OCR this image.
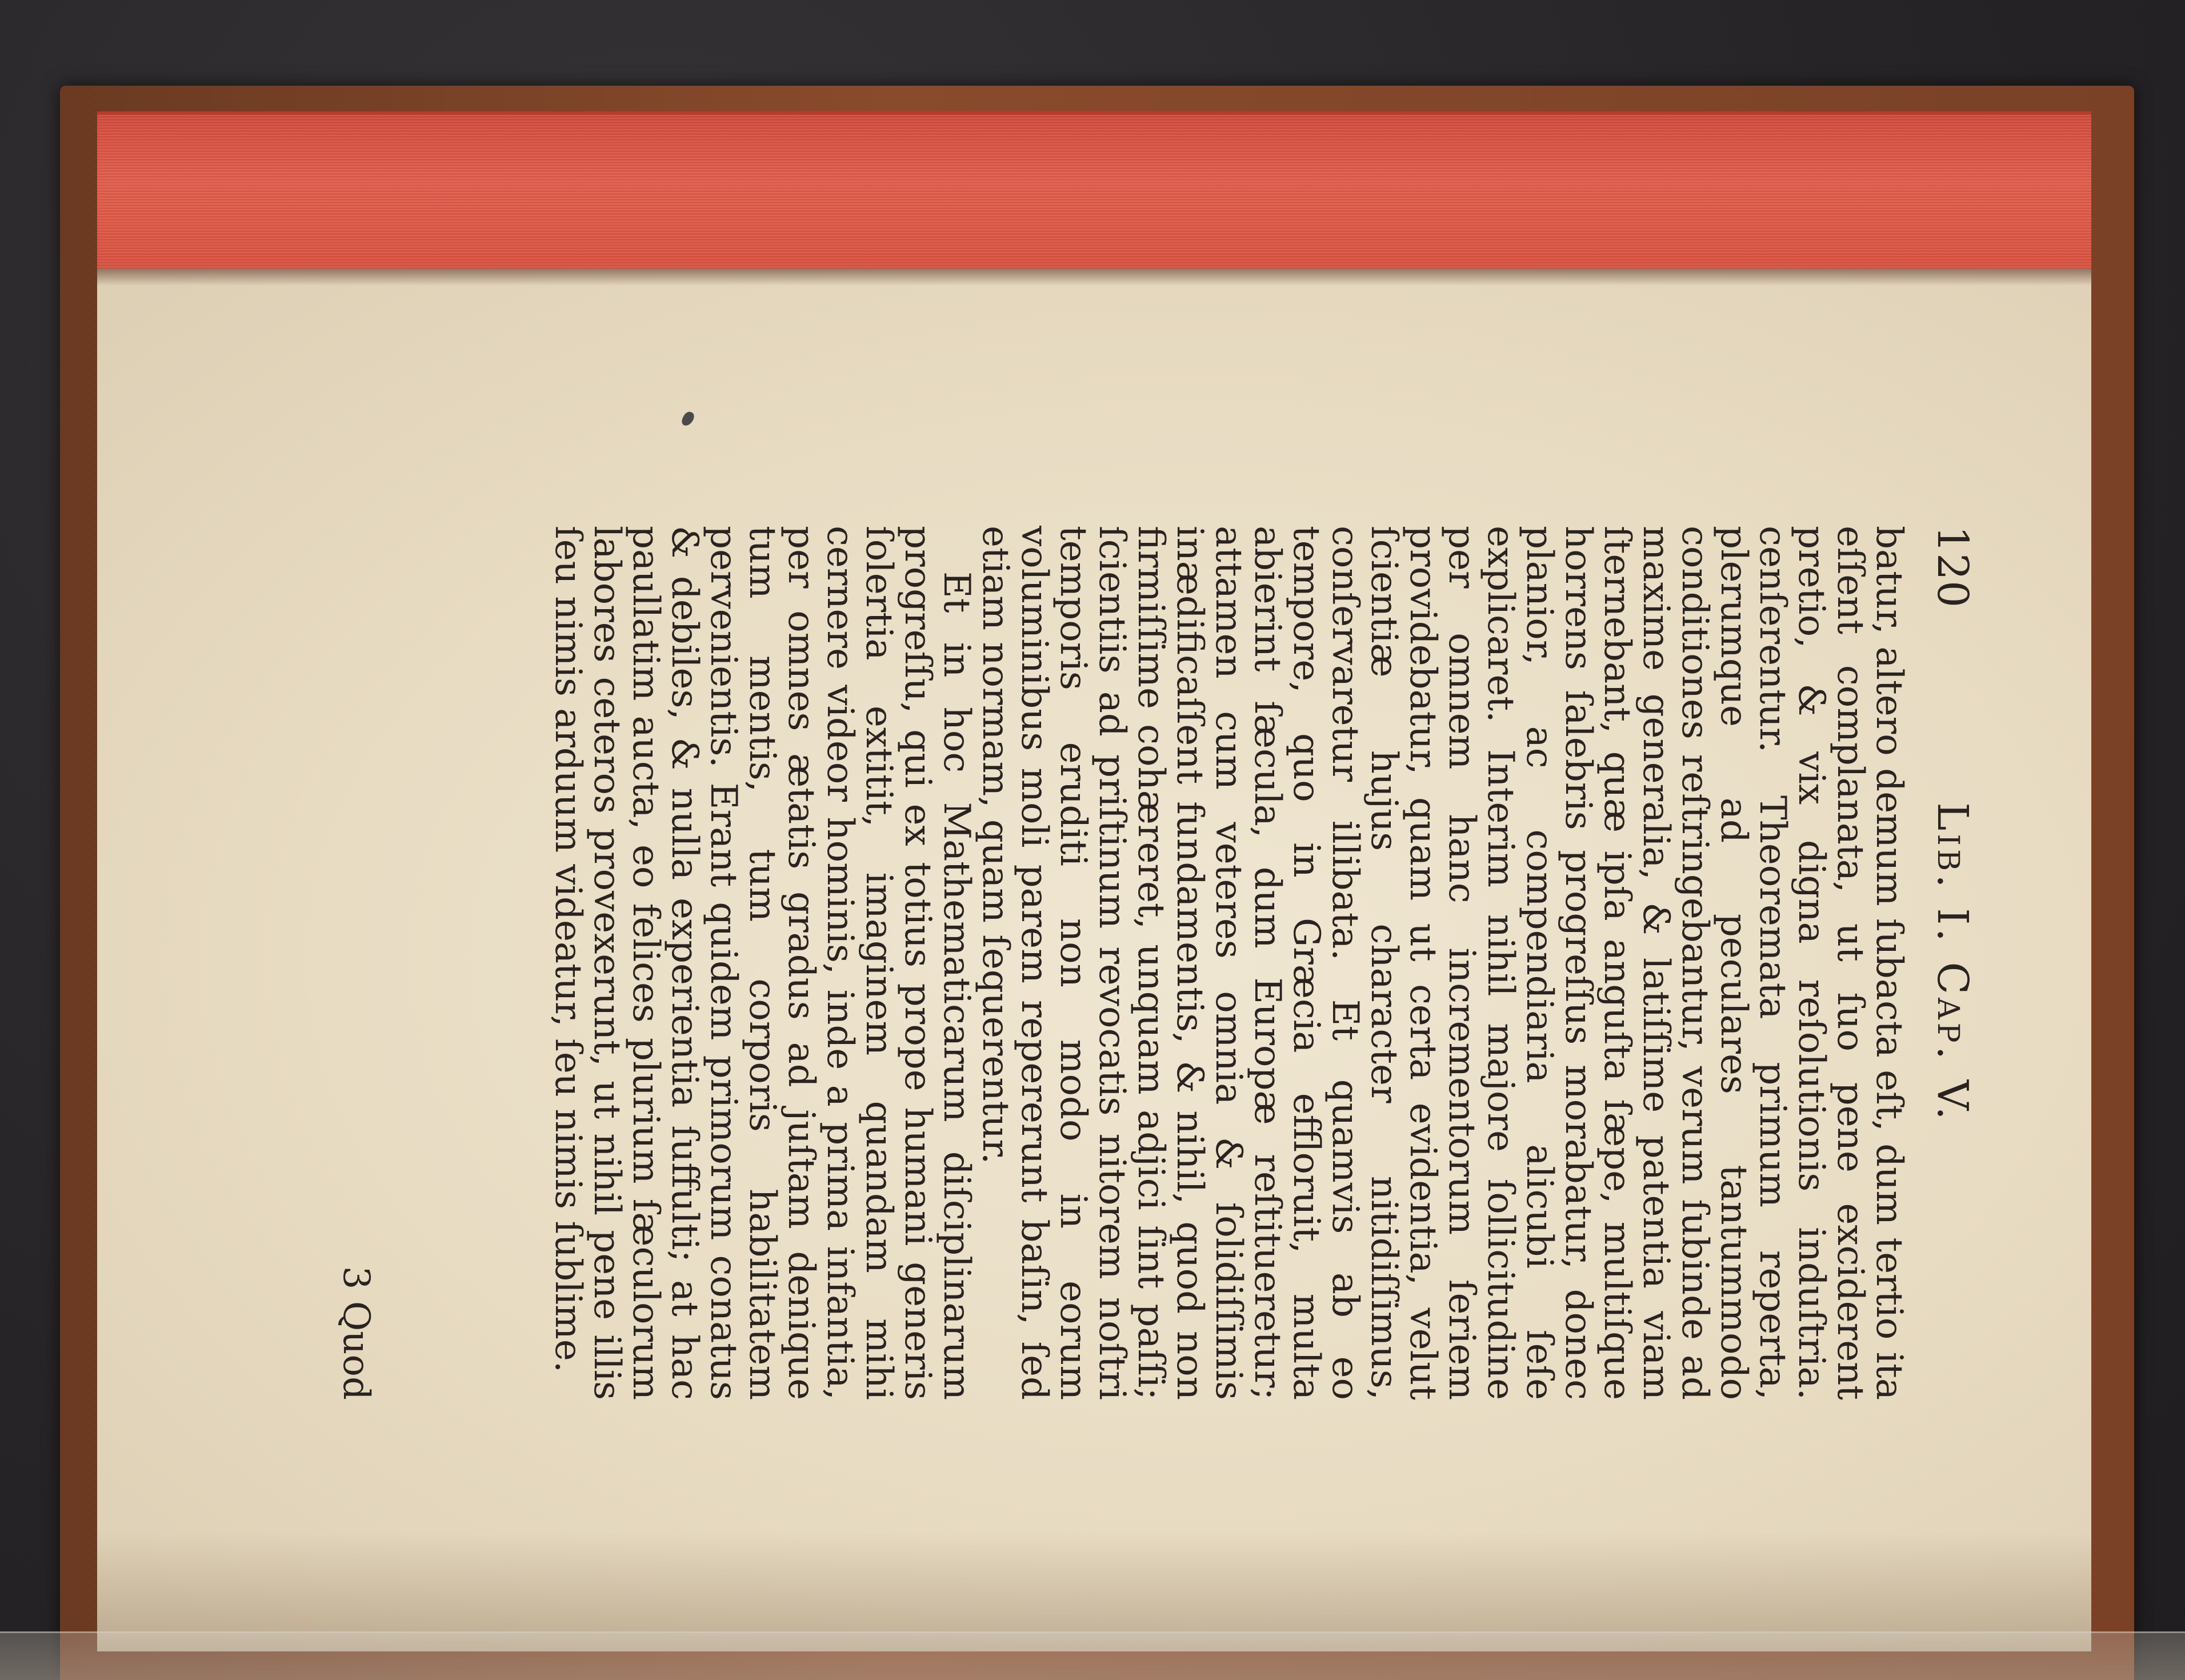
120
Lib. I. Cap. V.

batur, altero demum ſubacta eſt, dum tertio ita eſſent complanata, ut ſuo pene exciderent pretio, & vix digna reſolutionis induſtria. cenſerentur. Theoremata primum reperta, plerumque ad peculares tantummodo conditiones reſtringebantur, verum ſubinde ad maxime generalia, & latiſſime patentia viam ſternebant, quæ ipſa anguſta ſæpe, multiſque horrens ſalebris progreſſus morabatur, donec planior, ac compendiaria alicubi ſeſe explicaret. Interim nihil majore ſollicitudine per omnem hanc incrementorum ſeriem providebatur, quam ut certa evidentia, velut ſcientiæ hujus character nitidiſſimus, conſervaretur illibata. Et quamvis ab eo tempore, quo in Græcia effloruit, multa abierint ſæcula, dum Europæ reſtitueretur; attamen cum veteres omnia & ſolidiſſimis inædificaſſent fundamentis, & nihil, quod non firmiſſime cohæreret, unquam adjici ſint paſſi; ſcientiis ad priſtinum revocatis nitorem noſtri temporis eruditi non modo in eorum voluminibus moli parem repererunt baſin, ſed etiam normam, quam ſequerentur.

Et in hoc Mathematicarum diſciplinarum progreſſu, qui ex totius prope humani generis ſolertia extitit, imaginem quandam mihi cernere videor hominis, inde a prima infantia, per omnes ætatis gradus ad juſtam denique tum mentis, tum corporis habilitatem pervenientis. Erant quidem primorum conatus & debiles, & nulla experientia ſuffulti; at hac paullatim aucta, eo felices plurium ſæculorum labores ceteros provexerunt, ut nihil pene illis ſeu nimis arduum videatur, ſeu nimis ſublime.

3 Quod
